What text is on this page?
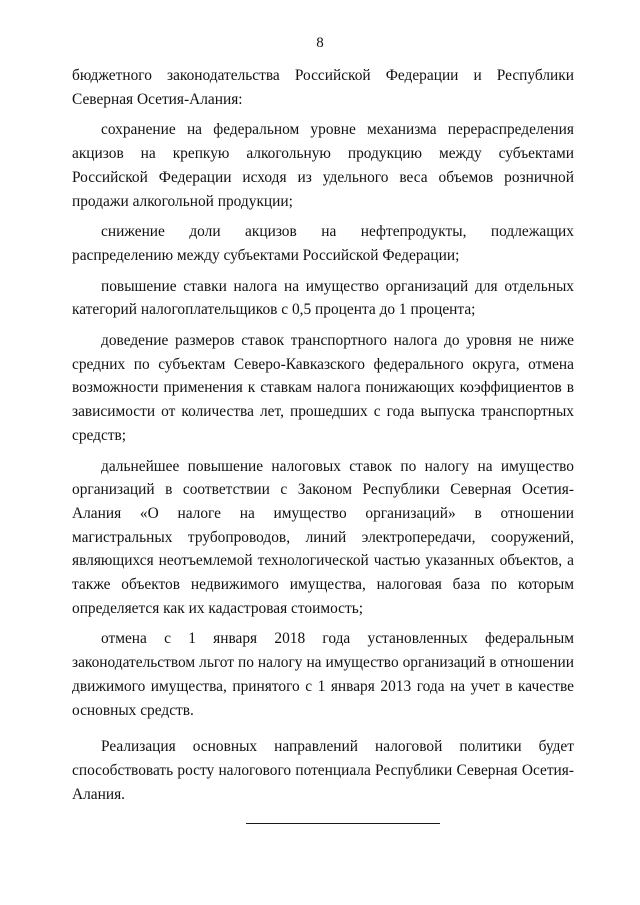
8

бюджетного законодательства Российской Федерации и Республики Северная Осетия-Алания:

сохранение на федеральном уровне механизма перераспределения акцизов на крепкую алкогольную продукцию между субъектами Российской Федерации исходя из удельного веса объемов розничной продажи алкогольной продукции;

снижение доли акцизов на нефтепродукты, подлежащих распределению между субъектами Российской Федерации;

повышение ставки налога на имущество организаций для отдельных категорий налогоплательщиков с 0,5 процента до 1 процента;

доведение размеров ставок транспортного налога до уровня не ниже средних по субъектам Северо-Кавказского федерального округа, отмена возможности применения к ставкам налога понижающих коэффициентов в зависимости от количества лет, прошедших с года выпуска транспортных средств;

дальнейшее повышение налоговых ставок по налогу на имущество организаций в соответствии с Законом Республики Северная Осетия-Алания «О налоге на имущество организаций» в отношении магистральных трубопроводов, линий электропередачи, сооружений, являющихся неотъемлемой технологической частью указанных объектов, а также объектов недвижимого имущества, налоговая база по которым определяется как их кадастровая стоимость;

отмена с 1 января 2018 года установленных федеральным законодательством льгот по налогу на имущество организаций в отношении движимого имущества, принятого с 1 января 2013 года на учет в качестве основных средств.

Реализация основных направлений налоговой политики будет способствовать росту налогового потенциала Республики Северная Осетия-Алания.
